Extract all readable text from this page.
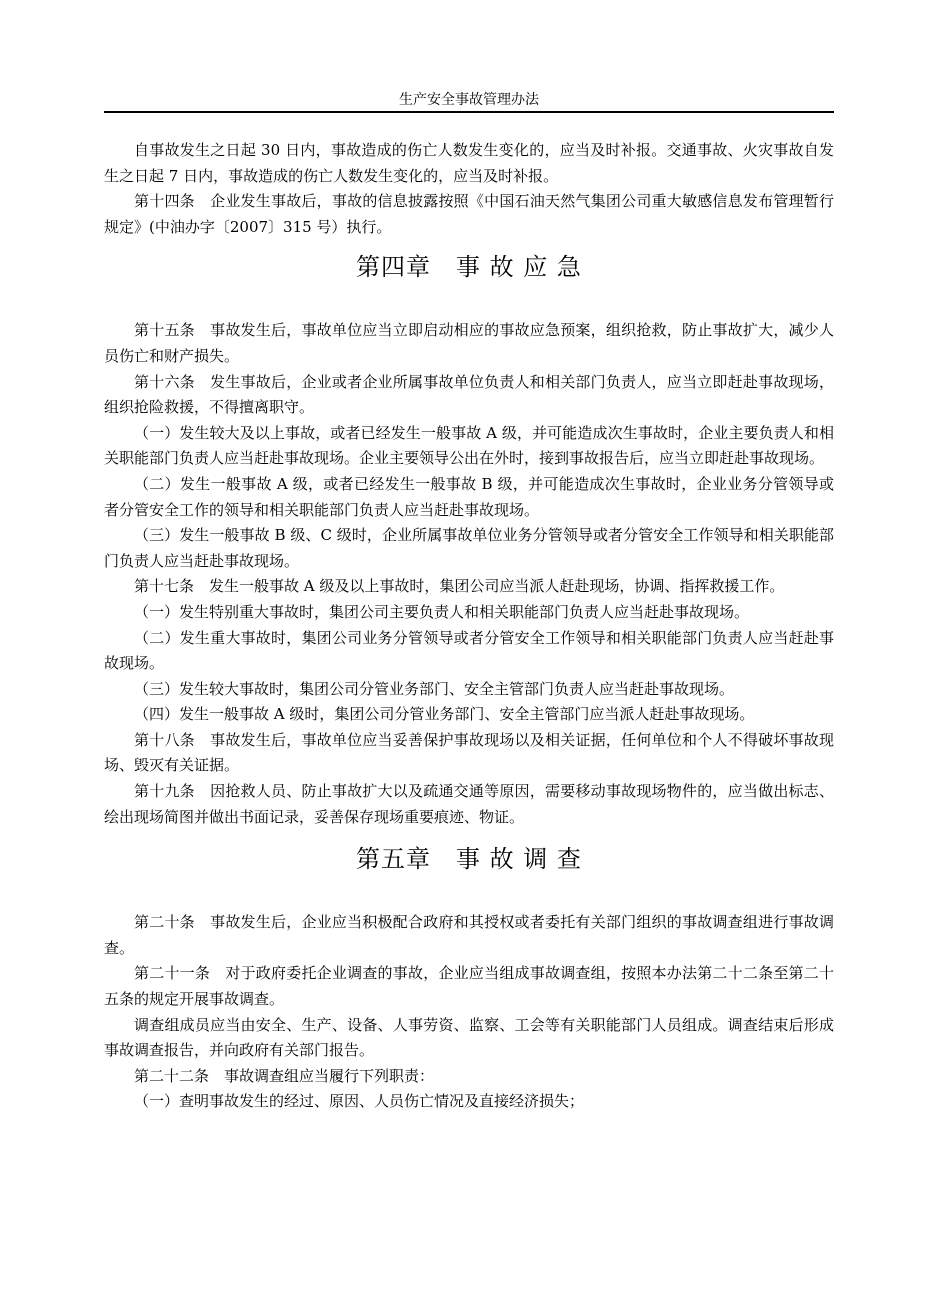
生产安全事故管理办法

自事故发生之日起 30 日内，事故造成的伤亡人数发生变化的，应当及时补报。交通事故、火灾事故自发生之日起 7 日内，事故造成的伤亡人数发生变化的，应当及时补报。

第十四条　企业发生事故后，事故的信息披露按照《中国石油天然气集团公司重大敏感信息发布管理暂行规定》(中油办字〔2007〕315 号）执行。

第四章　事 故 应 急

第十五条　事故发生后，事故单位应当立即启动相应的事故应急预案，组织抢救，防止事故扩大，减少人员伤亡和财产损失。

第十六条　发生事故后，企业或者企业所属事故单位负责人和相关部门负责人，应当立即赶赴事故现场，组织抢险救援，不得擅离职守。

（一）发生较大及以上事故，或者已经发生一般事故 A 级，并可能造成次生事故时，企业主要负责人和相关职能部门负责人应当赶赴事故现场。企业主要领导公出在外时，接到事故报告后，应当立即赶赴事故现场。

（二）发生一般事故 A 级，或者已经发生一般事故 B 级，并可能造成次生事故时，企业业务分管领导或者分管安全工作的领导和相关职能部门负责人应当赶赴事故现场。

（三）发生一般事故 B 级、C 级时，企业所属事故单位业务分管领导或者分管安全工作领导和相关职能部门负责人应当赶赴事故现场。

第十七条　发生一般事故 A 级及以上事故时，集团公司应当派人赶赴现场，协调、指挥救援工作。

（一）发生特别重大事故时，集团公司主要负责人和相关职能部门负责人应当赶赴事故现场。

（二）发生重大事故时，集团公司业务分管领导或者分管安全工作领导和相关职能部门负责人应当赶赴事故现场。

（三）发生较大事故时，集团公司分管业务部门、安全主管部门负责人应当赶赴事故现场。

（四）发生一般事故 A 级时，集团公司分管业务部门、安全主管部门应当派人赶赴事故现场。

第十八条　事故发生后，事故单位应当妥善保护事故现场以及相关证据，任何单位和个人不得破坏事故现场、毁灭有关证据。

第十九条　因抢救人员、防止事故扩大以及疏通交通等原因，需要移动事故现场物件的，应当做出标志、绘出现场简图并做出书面记录，妥善保存现场重要痕迹、物证。

第五章　事 故 调 查

第二十条　事故发生后，企业应当积极配合政府和其授权或者委托有关部门组织的事故调查组进行事故调查。

第二十一条　对于政府委托企业调查的事故，企业应当组成事故调查组，按照本办法第二十二条至第二十五条的规定开展事故调查。

调查组成员应当由安全、生产、设备、人事劳资、监察、工会等有关职能部门人员组成。调查结束后形成事故调查报告，并向政府有关部门报告。

第二十二条　事故调查组应当履行下列职责：

（一）查明事故发生的经过、原因、人员伤亡情况及直接经济损失；
